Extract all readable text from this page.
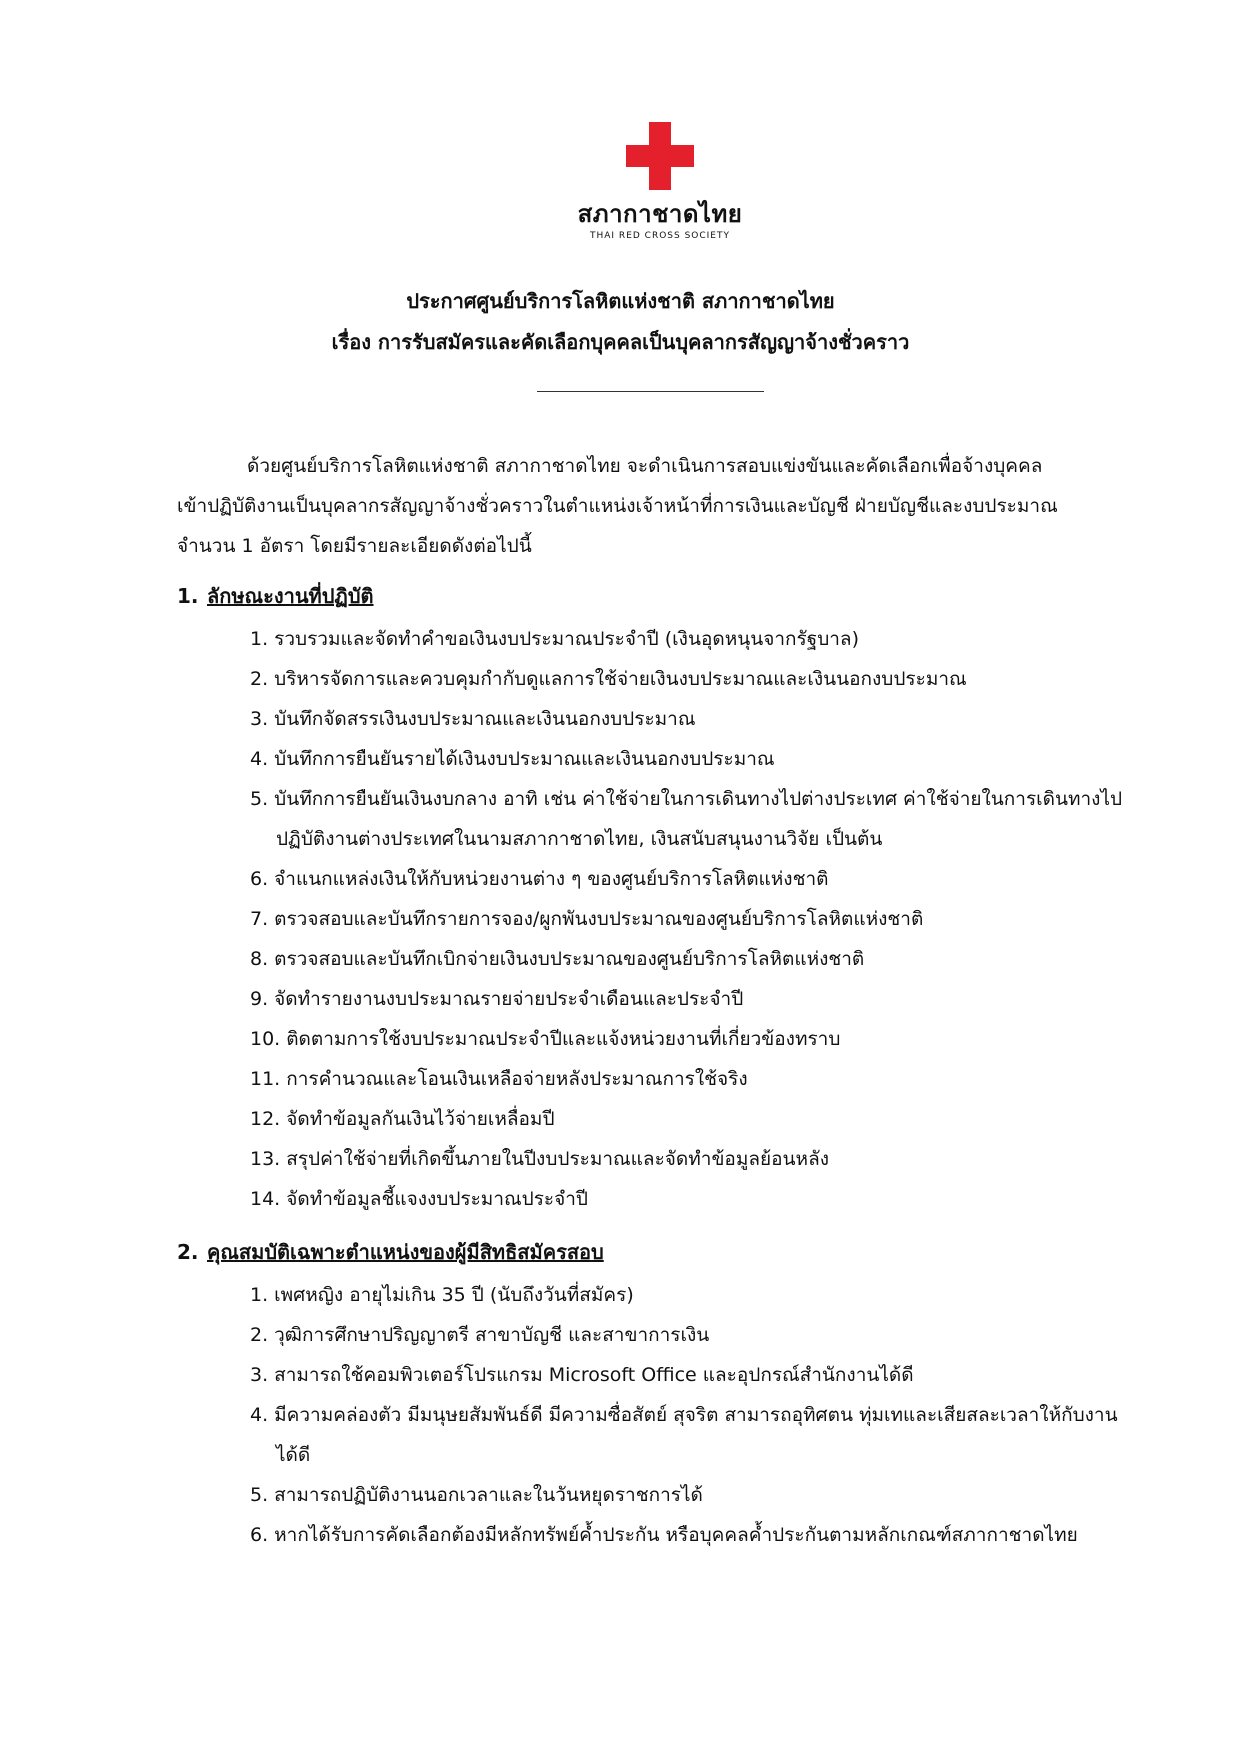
สภากาชาดไทย
THAI RED CROSS SOCIETY
ประกาศศูนย์บริการโลหิตแห่งชาติ สภากาชาดไทย
เรื่อง การรับสมัครและคัดเลือกบุคคลเป็นบุคลากรสัญญาจ้างชั่วคราว
ด้วยศูนย์บริการโลหิตแห่งชาติ สภากาชาดไทย จะดำเนินการสอบแข่งขันและคัดเลือกเพื่อจ้างบุคคล
เข้าปฏิบัติงานเป็นบุคลากรสัญญาจ้างชั่วคราวในตำแหน่งเจ้าหน้าที่การเงินและบัญชี ฝ่ายบัญชีและงบประมาณ
จำนวน 1 อัตรา โดยมีรายละเอียดดังต่อไปนี้
1. ลักษณะงานที่ปฏิบัติ
1. รวบรวมและจัดทำคำขอเงินงบประมาณประจำปี (เงินอุดหนุนจากรัฐบาล)
2. บริหารจัดการและควบคุมกำกับดูแลการใช้จ่ายเงินงบประมาณและเงินนอกงบประมาณ
3. บันทึกจัดสรรเงินงบประมาณและเงินนอกงบประมาณ
4. บันทึกการยืนยันรายได้เงินงบประมาณและเงินนอกงบประมาณ
5. บันทึกการยืนยันเงินงบกลาง อาทิ เช่น ค่าใช้จ่ายในการเดินทางไปต่างประเทศ ค่าใช้จ่ายในการเดินทางไปปฏิบัติงานต่างประเทศในนามสภากาชาดไทย, เงินสนับสนุนงานวิจัย เป็นต้น
6. จำแนกแหล่งเงินให้กับหน่วยงานต่าง ๆ ของศูนย์บริการโลหิตแห่งชาติ
7. ตรวจสอบและบันทึกรายการจอง/ผูกพันงบประมาณของศูนย์บริการโลหิตแห่งชาติ
8. ตรวจสอบและบันทึกเบิกจ่ายเงินงบประมาณของศูนย์บริการโลหิตแห่งชาติ
9. จัดทำรายงานงบประมาณรายจ่ายประจำเดือนและประจำปี
10. ติดตามการใช้งบประมาณประจำปีและแจ้งหน่วยงานที่เกี่ยวข้องทราบ
11. การคำนวณและโอนเงินเหลือจ่ายหลังประมาณการใช้จริง
12. จัดทำข้อมูลกันเงินไว้จ่ายเหลื่อมปี
13. สรุปค่าใช้จ่ายที่เกิดขึ้นภายในปีงบประมาณและจัดทำข้อมูลย้อนหลัง
14. จัดทำข้อมูลชี้แจงงบประมาณประจำปี
2. คุณสมบัติเฉพาะตำแหน่งของผู้มีสิทธิสมัครสอบ
1. เพศหญิง อายุไม่เกิน 35 ปี (นับถึงวันที่สมัคร)
2. วุฒิการศึกษาปริญญาตรี สาขาบัญชี และสาขาการเงิน
3. สามารถใช้คอมพิวเตอร์โปรแกรม Microsoft Office และอุปกรณ์สำนักงานได้ดี
4. มีความคล่องตัว มีมนุษยสัมพันธ์ดี มีความซื่อสัตย์ สุจริต สามารถอุทิศตน ทุ่มเทและเสียสละเวลาให้กับงานได้ดี
5. สามารถปฏิบัติงานนอกเวลาและในวันหยุดราชการได้
6. หากได้รับการคัดเลือกต้องมีหลักทรัพย์ค้ำประกัน หรือบุคคลค้ำประกันตามหลักเกณฑ์สภากาชาดไทย
